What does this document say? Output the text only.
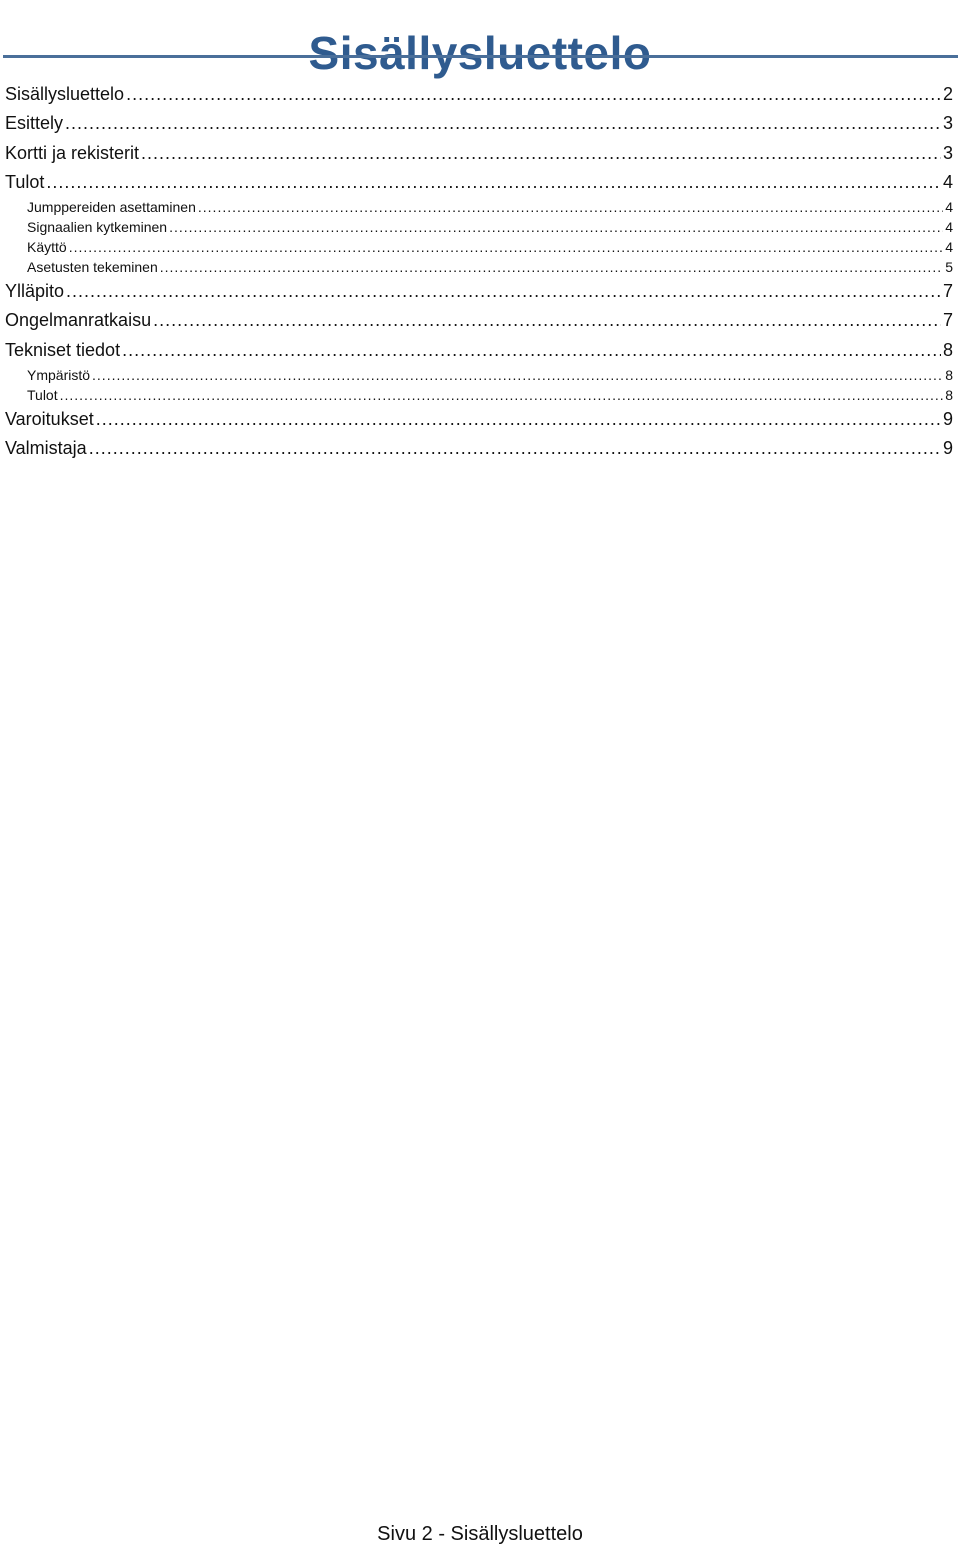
Sisällysluettelo
Sisällysluettelo .....	2
Esittely .....	3
Kortti ja rekisterit .....	3
Tulot .....	4
Jumppereiden asettaminen .....	4
Signaalien kytkeminen .....	4
Käyttö .....	4
Asetusten tekeminen .....	5
Ylläpito .....	7
Ongelmanratkaisu .....	7
Tekniset tiedot .....	8
Ympäristö .....	8
Tulot .....	8
Varoitukset .....	9
Valmistaja .....	9
Sivu 2 - Sisällysluettelo
